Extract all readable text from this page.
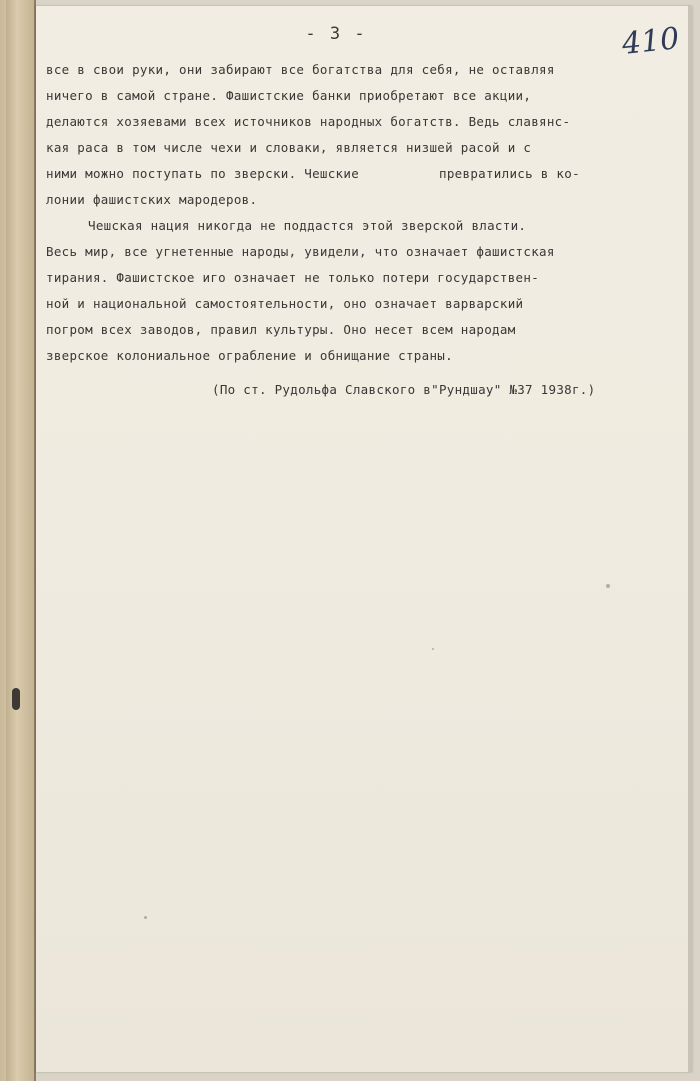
- 3 -	410
все в свои руки, они забирают все богатства для себя, не оставляя
ничего в самой стране. Фашистские банки приобретают все акции,
делаются хозяевами всех источников народных богатств. Ведь славянс-
кая раса в том числе чехи и словаки, является низшей расой и с
ними можно поступать по зверски. Чешские	превратились в ко-
лонии фашистских мародеров.
Чешская нация никогда не поддастся этой зверской власти.
Весь мир, все угнетенные народы, увидели, что означает фашистская
тирания. Фашистское иго означает не только потери государствен-
ной и национальной самостоятельности, оно означает варварский
погром всех заводов, правил культуры. Оно несет всем народам
зверское колониальное ограбление и обнищание страны.
(По ст. Рудольфа Славского в"Рундшау" №37 1938г.)
